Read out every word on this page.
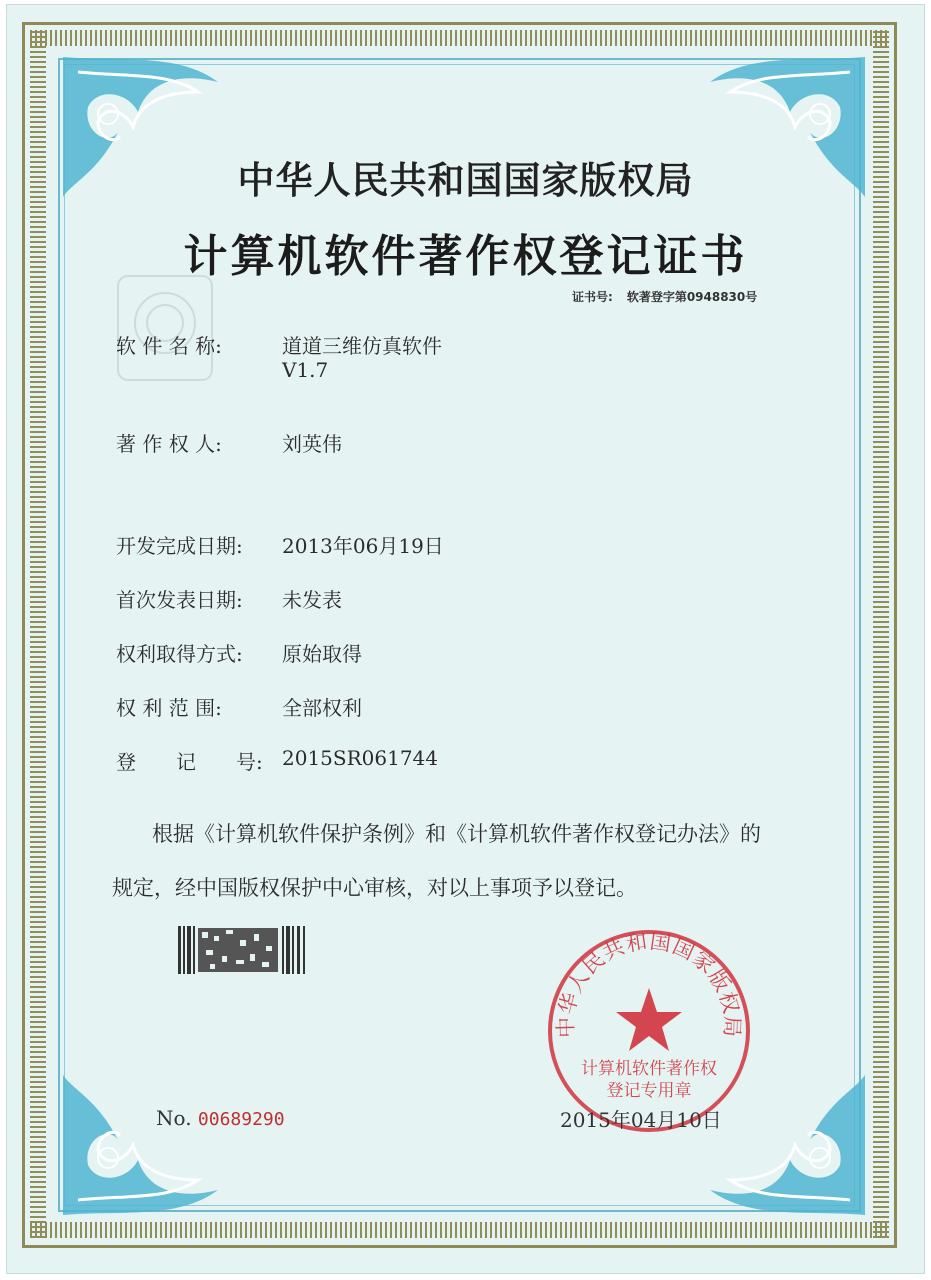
中华人民共和国国家版权局
计算机软件著作权登记证书
证书号: 软著登字第0948830号
软 件 名 称:	道道三维仿真软件
V1.7
著 作 权 人:	刘英伟
开发完成日期: 2013年06月19日
首次发表日期: 未发表
权利取得方式: 原始取得
权 利 范 围:	全部权利
登　　记　　号: 2015SR061744
根据《计算机软件保护条例》和《计算机软件著作权登记办法》的
规定，经中国版权保护中心审核，对以上事项予以登记。
中华人民共和国国家版权局
计算机软件著作权
登记专用章
No. 00689290	2015年04月10日
